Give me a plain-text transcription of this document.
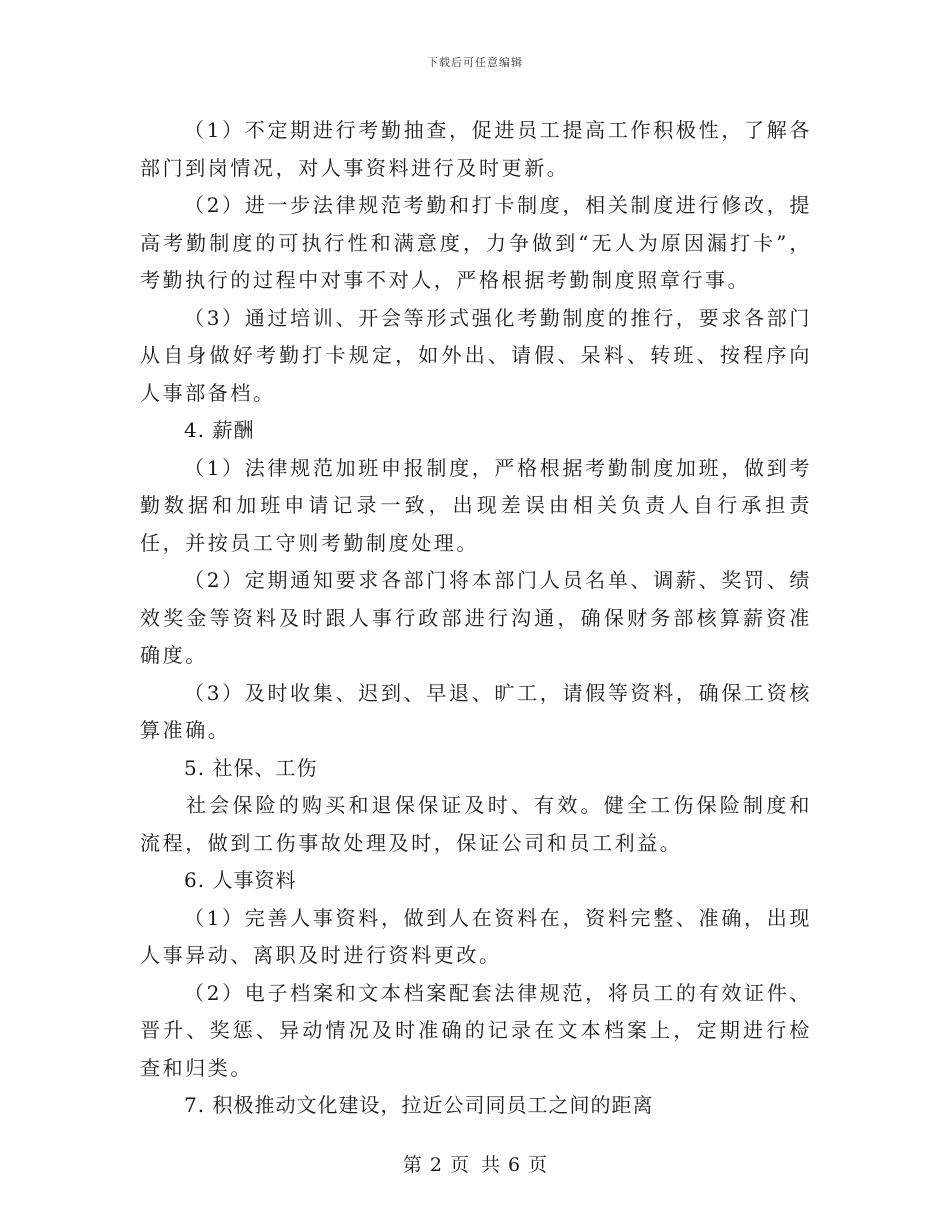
下载后可任意编辑

（1）不定期进行考勤抽查，促进员工提高工作积极性，了解各部门到岗情况，对人事资料进行及时更新。

（2）进一步法律规范考勤和打卡制度，相关制度进行修改，提高考勤制度的可执行性和满意度，力争做到“无人为原因漏打卡”，考勤执行的过程中对事不对人，严格根据考勤制度照章行事。

（3）通过培训、开会等形式强化考勤制度的推行，要求各部门从自身做好考勤打卡规定，如外出、请假、呆料、转班、按程序向人事部备档。

4. 薪酬

（1）法律规范加班申报制度，严格根据考勤制度加班，做到考勤数据和加班申请记录一致，出现差误由相关负责人自行承担责任，并按员工守则考勤制度处理。

（2）定期通知要求各部门将本部门人员名单、调薪、奖罚、绩效奖金等资料及时跟人事行政部进行沟通，确保财务部核算薪资准确度。

（3）及时收集、迟到、早退、旷工，请假等资料，确保工资核算准确。

5. 社保、工伤

社会保险的购买和退保保证及时、有效。健全工伤保险制度和流程，做到工伤事故处理及时，保证公司和员工利益。

6. 人事资料

（1）完善人事资料，做到人在资料在，资料完整、准确，出现人事异动、离职及时进行资料更改。

（2）电子档案和文本档案配套法律规范，将员工的有效证件、晋升、奖惩、异动情况及时准确的记录在文本档案上，定期进行检查和归类。

7. 积极推动文化建设，拉近公司同员工之间的距离

第 2 页 共 6 页
